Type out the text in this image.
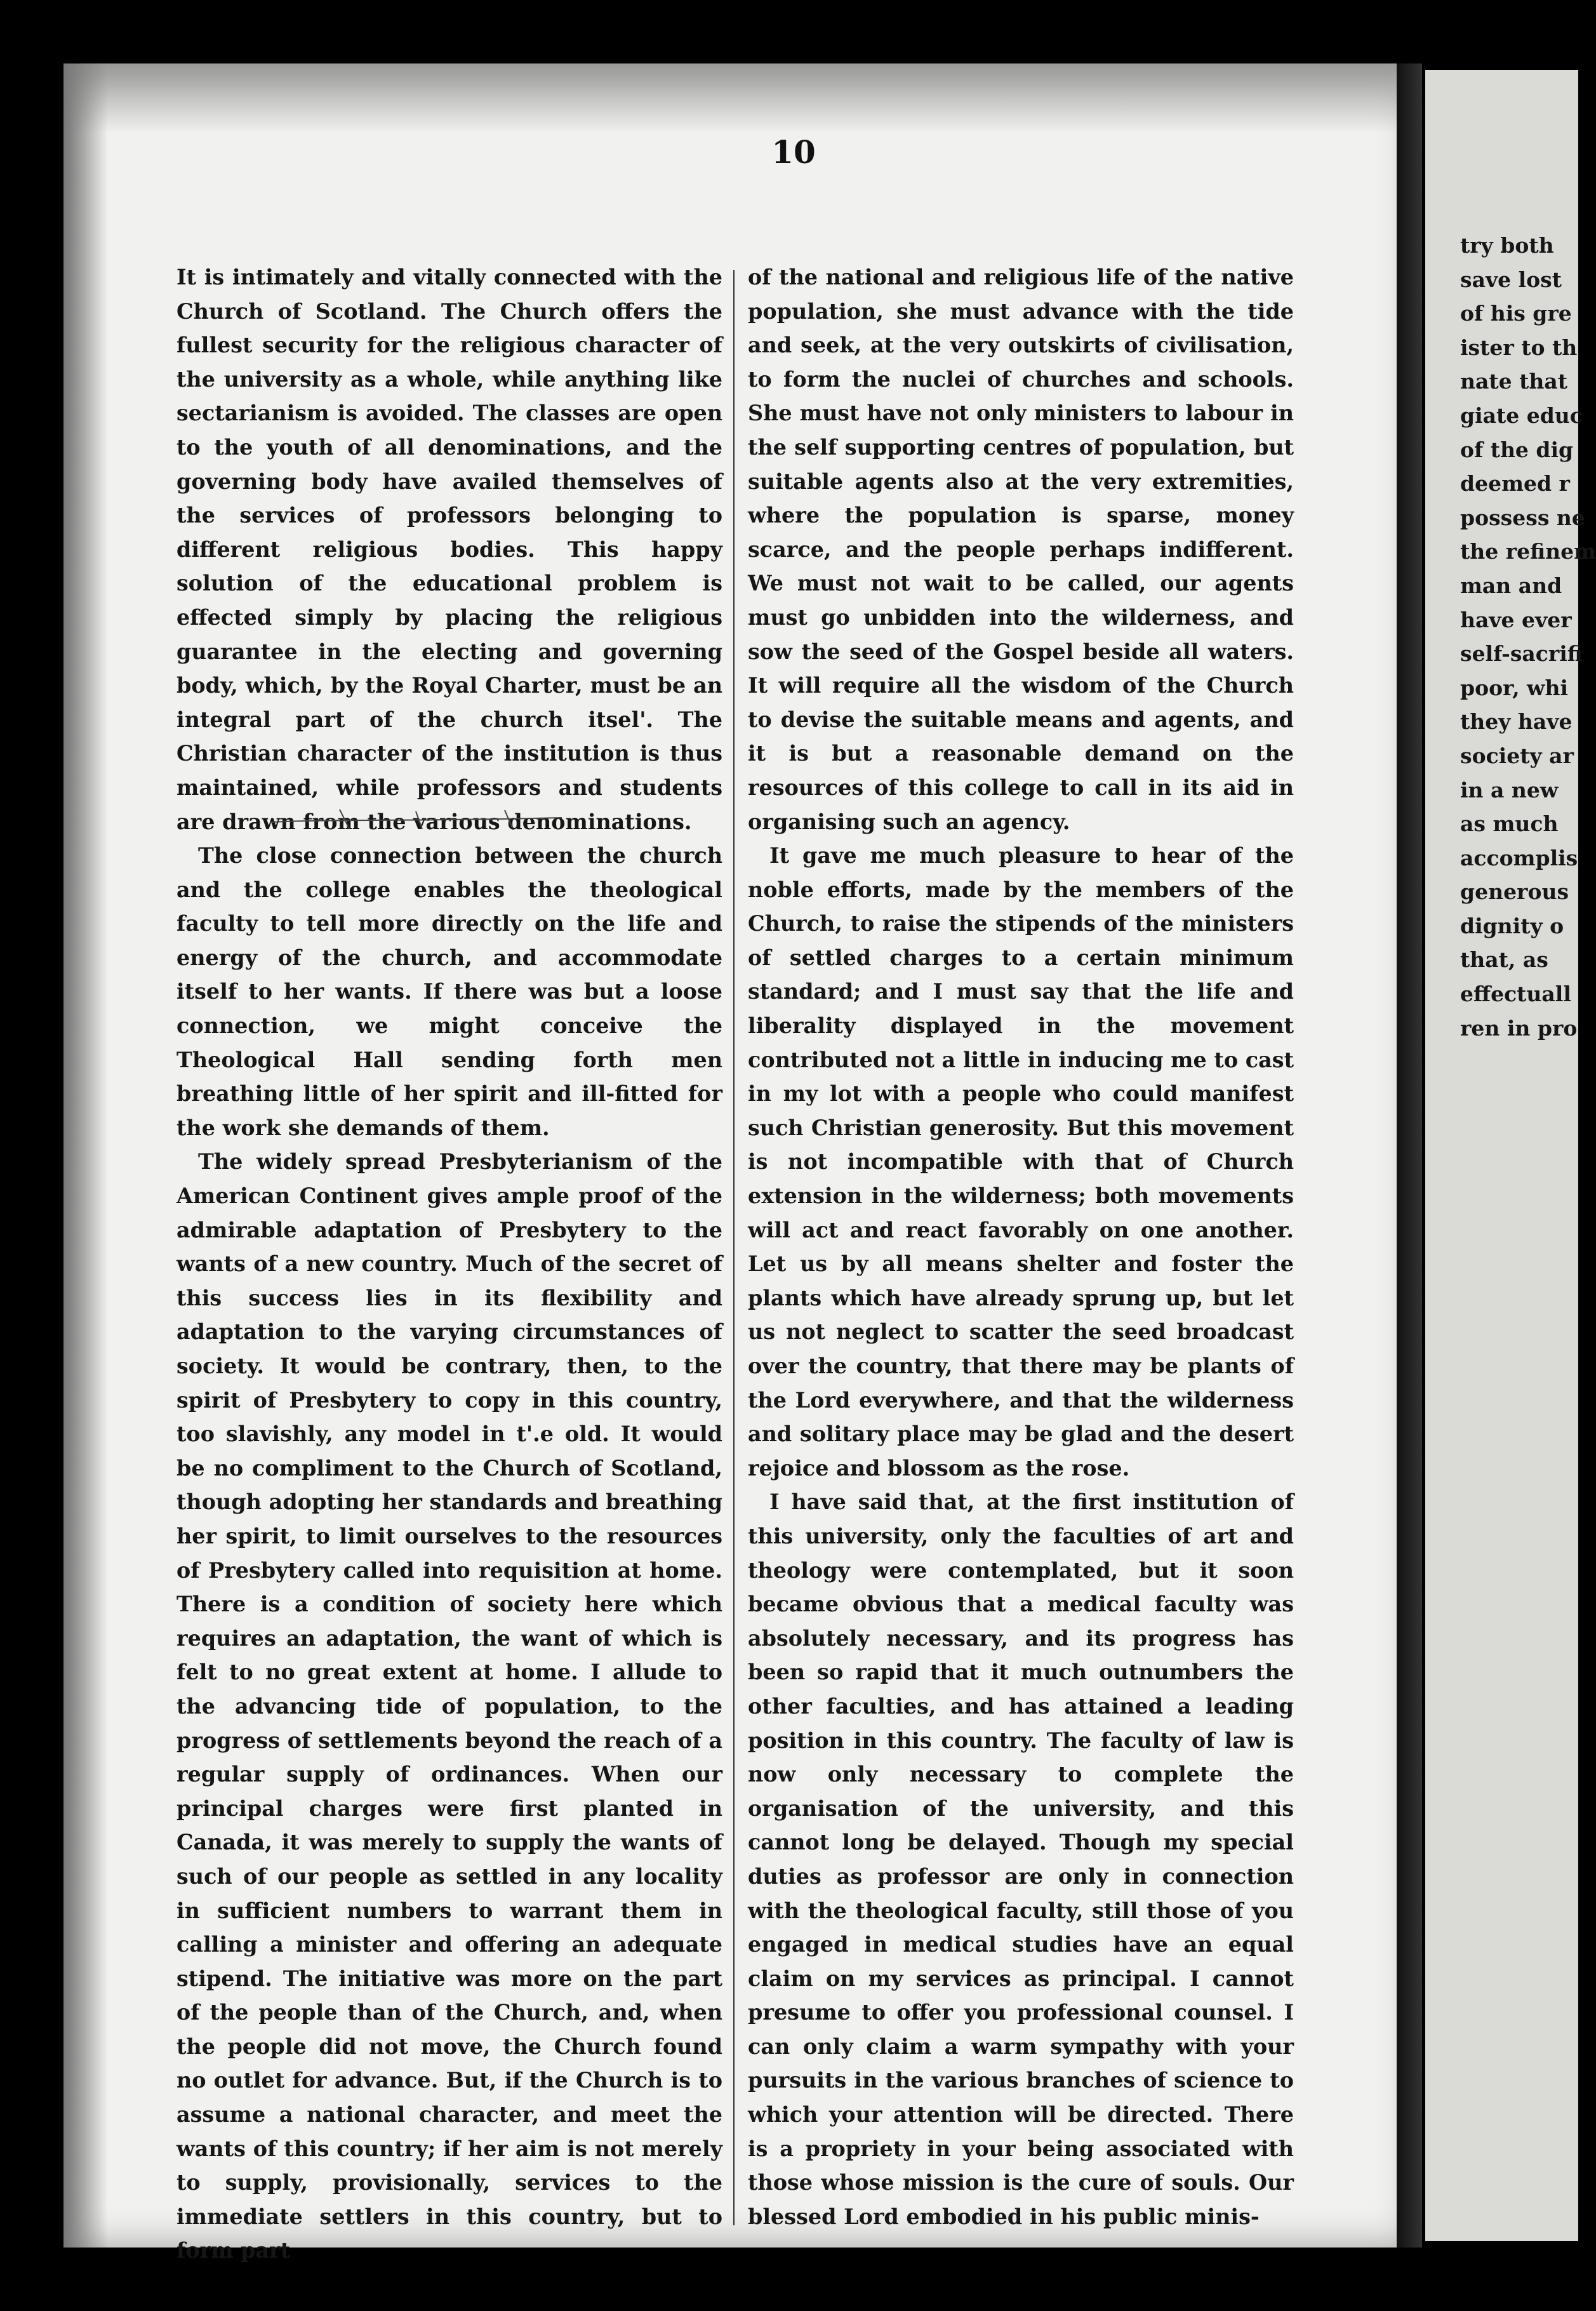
10

It is intimately and vitally connected with the Church of Scotland. The Church offers the fullest security for the religious character of the university as a whole, while anything like sectarianism is avoided. The classes are open to the youth of all denominations, and the governing body have availed themselves of the services of professors belonging to different religious bodies. This happy solution of the educational problem is effected simply by placing the religious guarantee in the electing and governing body, which, by the Royal Charter, must be an integral part of the church itsel'. The Christian character of the institution is thus maintained, while professors and students are drawn from the various denominations.

The close connection between the church and the college enables the theological faculty to tell more directly on the life and energy of the church, and accommodate itself to her wants. If there was but a loose connection, we might conceive the Theological Hall sending forth men breathing little of her spirit and ill-fitted for the work she demands of them.

The widely spread Presbyterianism of the American Continent gives ample proof of the admirable adaptation of Presbytery to the wants of a new country. Much of the secret of this success lies in its flexibility and adaptation to the varying circumstances of society. It would be contrary, then, to the spirit of Presbytery to copy in this country, too slavishly, any model in t'.e old. It would be no compliment to the Church of Scotland, though adopting her standards and breathing her spirit, to limit ourselves to the resources of Presbytery called into requisition at home. There is a condition of society here which requires an adaptation, the want of which is felt to no great extent at home. I allude to the advancing tide of population, to the progress of settlements beyond the reach of a regular supply of ordinances. When our principal charges were first planted in Canada, it was merely to supply the wants of such of our people as settled in any locality in sufficient numbers to warrant them in calling a minister and offering an adequate stipend. The initiative was more on the part of the people than of the Church, and, when the people did not move, the Church found no outlet for advance. But, if the Church is to assume a national character, and meet the wants of this country; if her aim is not merely to supply, provisionally, services to the immediate settlers in this country, but to form part

of the national and religious life of the native population, she must advance with the tide and seek, at the very outskirts of civilisation, to form the nuclei of churches and schools. She must have not only ministers to labour in the self supporting centres of population, but suitable agents also at the very extremities, where the population is sparse, money scarce, and the people perhaps indifferent. We must not wait to be called, our agents must go unbidden into the wilderness, and sow the seed of the Gospel beside all waters. It will require all the wisdom of the Church to devise the suitable means and agents, and it is but a reasonable demand on the resources of this college to call in its aid in organising such an agency.

It gave me much pleasure to hear of the noble efforts, made by the members of the Church, to raise the stipends of the ministers of settled charges to a certain minimum standard; and I must say that the life and liberality displayed in the movement contributed not a little in inducing me to cast in my lot with a people who could manifest such Christian generosity. But this movement is not incompatible with that of Church extension in the wilderness; both movements will act and react favorably on one another. Let us by all means shelter and foster the plants which have already sprung up, but let us not neglect to scatter the seed broadcast over the country, that there may be plants of the Lord everywhere, and that the wilderness and solitary place may be glad and the desert rejoice and blossom as the rose.

I have said that, at the first institution of this university, only the faculties of art and theology were contemplated, but it soon became obvious that a medical faculty was absolutely necessary, and its progress has been so rapid that it much outnumbers the other faculties, and has attained a leading position in this country. The faculty of law is now only necessary to complete the organisation of the university, and this cannot long be delayed. Though my special duties as professor are only in connection with the theological faculty, still those of you engaged in medical studies have an equal claim on my services as principal. I cannot presume to offer you professional counsel. I can only claim a warm sympathy with your pursuits in the various branches of science to which your attention will be directed. There is a propriety in your being associated with those whose mission is the cure of souls. Our blessed Lord embodied in his public minis-

try both
save lost
of his gre
ister to th
nate that
giate educ
of the dig
deemed r
possess ne
the refinem
man and
have ever
self-sacrifi
poor, whi
they have
society ar
in a new
as much
accomplis
generous
dignity o
that, as
effectuall
ren in pro
